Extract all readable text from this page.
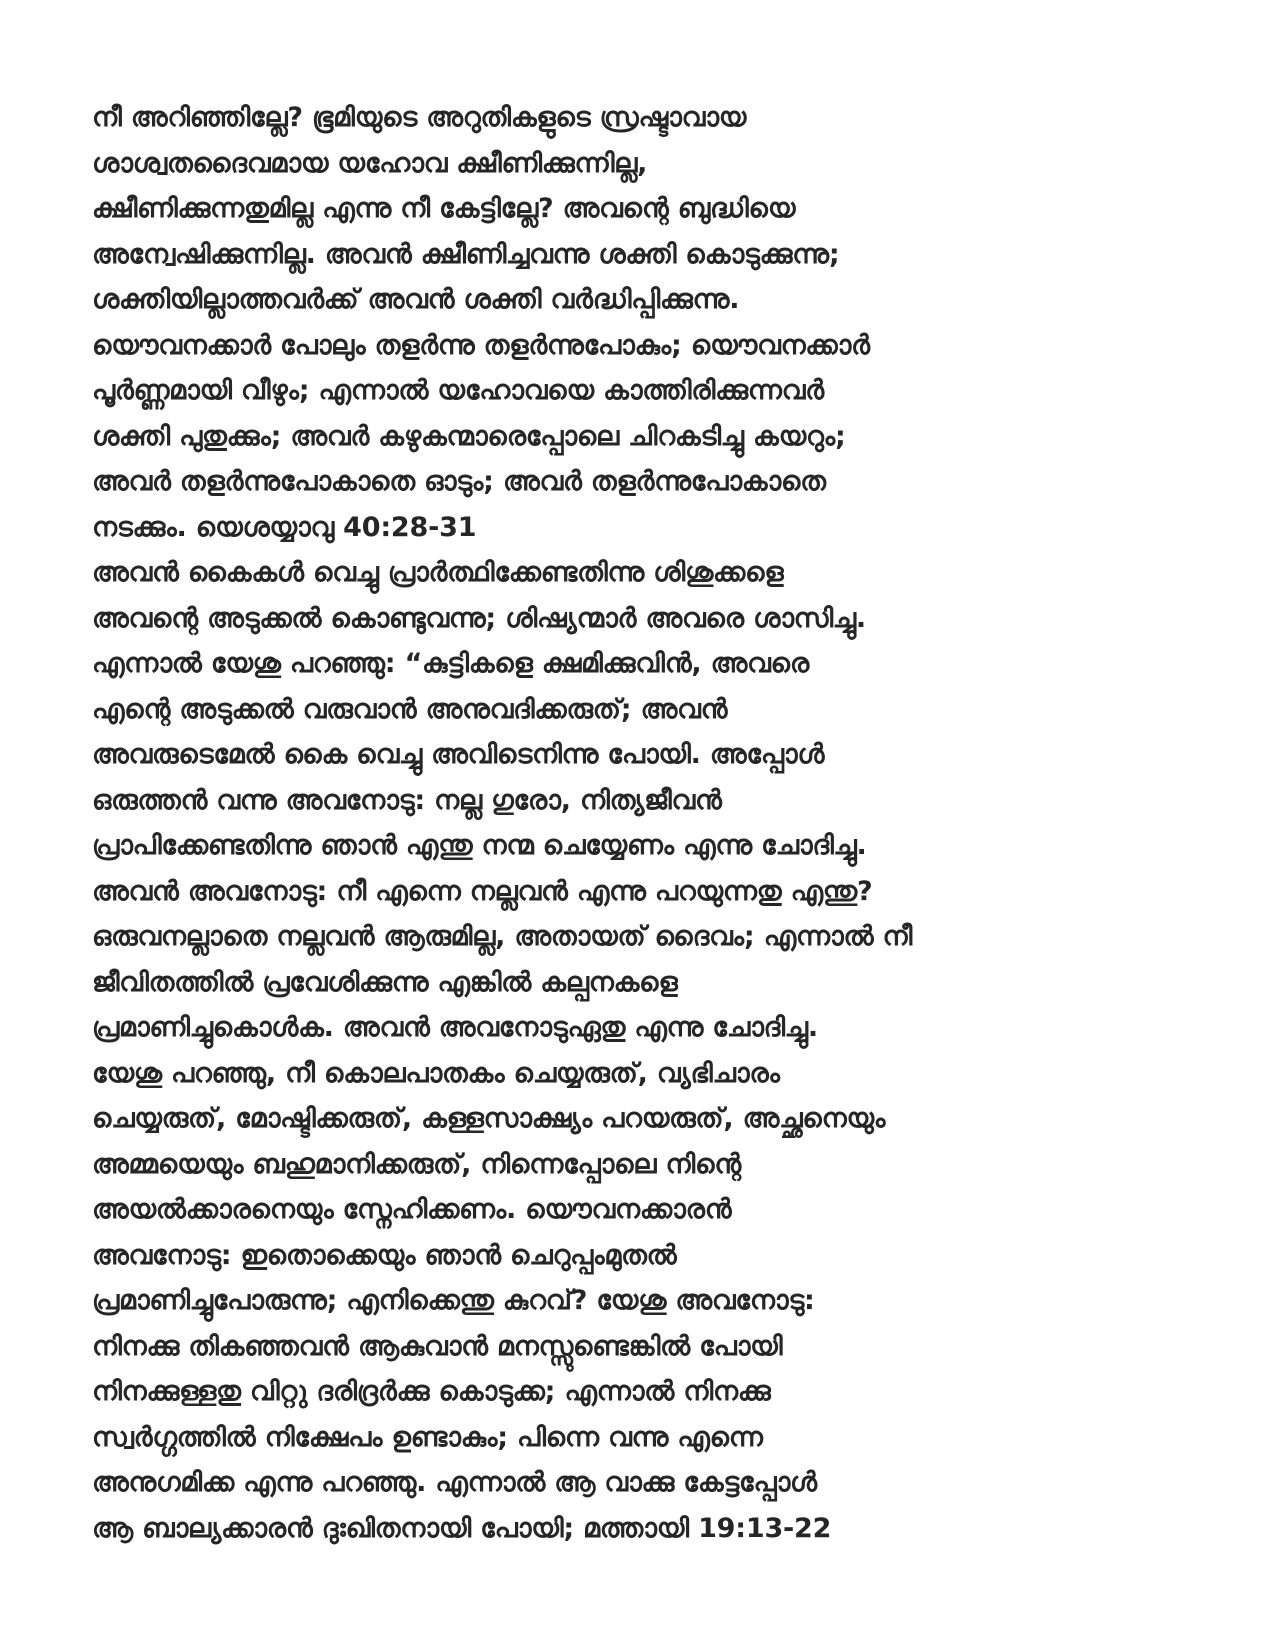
നീ അറിഞ്ഞില്ലേ? ഭൂമിയുടെ അറുതികളുടെ സ്രഷ്ടാവായ
ശാശ്വതദൈവമായ യഹോവ ക്ഷീണിക്കുന്നില്ല,
ക്ഷീണിക്കുന്നതുമില്ല എന്നു നീ കേട്ടില്ലേ? അവന്റെ ബുദ്ധിയെ
അന്വേഷിക്കുന്നില്ല. അവൻ ക്ഷീണിച്ചവന്നു ശക്തി കൊടുക്കുന്നു;
ശക്തിയില്ലാത്തവർക്ക് അവൻ ശക്തി വർദ്ധിപ്പിക്കുന്നു.
യൌവനക്കാർ പോലും തളർന്നു തളർന്നുപോകും; യൌവനക്കാർ
പൂർണ്ണമായി വീഴും; എന്നാൽ യഹോവയെ കാത്തിരിക്കുന്നവർ
ശക്തി പുതുക്കും; അവർ കഴുകന്മാരെപ്പോലെ ചിറകടിച്ചു കയറും;
അവർ തളർന്നുപോകാതെ ഓടും; അവർ തളർന്നുപോകാതെ
നടക്കും. യെശയ്യാവു 40:28-31
അവൻ കൈകൾ വെച്ചു പ്രാർത്ഥിക്കേണ്ടതിന്നു ശിശുക്കളെ
അവന്റെ അടുക്കൽ കൊണ്ടുവന്നു; ശിഷ്യന്മാർ അവരെ ശാസിച്ചു.
എന്നാൽ യേശു പറഞ്ഞു: “കുട്ടികളെ ക്ഷമിക്കുവിൻ, അവരെ
എന്റെ അടുക്കൽ വരുവാൻ അനുവദിക്കരുത്; അവൻ
അവരുടെമേൽ കൈ വെച്ചു അവിടെനിന്നു പോയി. അപ്പോൾ
ഒരുത്തൻ വന്നു അവനോടു: നല്ല ഗുരോ, നിത്യജീവൻ
പ്രാപിക്കേണ്ടതിന്നു ഞാൻ എന്തു നന്മ ചെയ്യേണം എന്നു ചോദിച്ചു.
അവൻ അവനോടു: നീ എന്നെ നല്ലവൻ എന്നു പറയുന്നതു എന്തു?
ഒരുവനല്ലാതെ നല്ലവൻ ആരുമില്ല, അതായത് ദൈവം; എന്നാൽ നീ
ജീവിതത്തിൽ പ്രവേശിക്കുന്നു എങ്കിൽ കല്പനകളെ
പ്രമാണിച്ചുകൊൾക. അവൻ അവനോടുഏതു എന്നു ചോദിച്ചു.
യേശു പറഞ്ഞു, നീ കൊലപാതകം ചെയ്യരുത്, വ്യഭിചാരം
ചെയ്യരുത്, മോഷ്ടിക്കരുത്, കള്ളസാക്ഷ്യം പറയരുത്, അച്ഛനെയും
അമ്മയെയും ബഹുമാനിക്കരുത്, നിന്നെപ്പോലെ നിന്റെ
അയൽക്കാരനെയും സ്നേഹിക്കണം. യൌവനക്കാരൻ
അവനോടു: ഇതൊക്കെയും ഞാൻ ചെറുപ്പംമുതൽ
പ്രമാണിച്ചുപോരുന്നു; എനിക്കെന്തു കുറവ്? യേശു അവനോടു:
നിനക്കു തികഞ്ഞവൻ ആകുവാൻ മനസ്സുണ്ടെങ്കിൽ പോയി
നിനക്കുള്ളതു വിറ്റു ദരിദ്രർക്കു കൊടുക്ക; എന്നാൽ നിനക്കു
സ്വർഗ്ഗത്തിൽ നിക്ഷേപം ഉണ്ടാകും; പിന്നെ വന്നു എന്നെ
അനുഗമിക്ക എന്നു പറഞ്ഞു. എന്നാൽ ആ വാക്കു കേട്ടപ്പോൾ
ആ ബാല്യക്കാരൻ ദുഃഖിതനായി പോയി; മത്തായി 19:13-22
